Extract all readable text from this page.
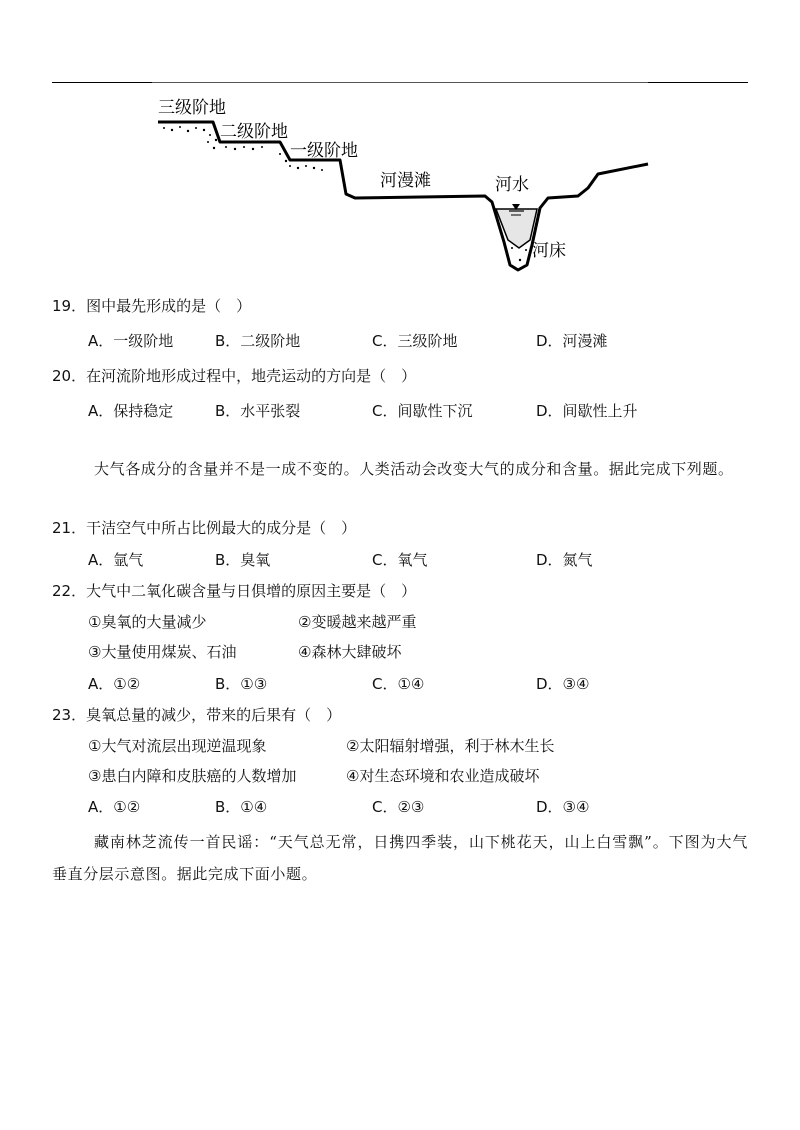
三级阶地
二级阶地
一级阶地
河漫滩	河水
河床
19．图中最先形成的是（　）
A．一级阶地	B．二级阶地	C．三级阶地	D．河漫滩
20．在河流阶地形成过程中，地壳运动的方向是（　）
A．保持稳定	B．水平张裂	C．间歇性下沉	D．间歇性上升
大气各成分的含量并不是一成不变的。人类活动会改变大气的成分和含量。据此完成下列题。
21．干洁空气中所占比例最大的成分是（　）
A．氩气	B．臭氧	C．氧气	D．氮气
22．大气中二氧化碳含量与日俱增的原因主要是（　）
①臭氧的大量减少	②变暖越来越严重
③大量使用煤炭、石油	④森林大肆破坏
A．①②	B．①③	C．①④	D．③④
23．臭氧总量的减少，带来的后果有（　）
①大气对流层出现逆温现象	②太阳辐射增强，利于林木生长
③患白内障和皮肤癌的人数增加	④对生态环境和农业造成破坏
A．①②	B．①④	C．②③	D．③④
藏南林芝流传一首民谣：“天气总无常，日携四季装，山下桃花天，山上白雪飘”。下图为大气垂直分层示意图。据此完成下面小题。
